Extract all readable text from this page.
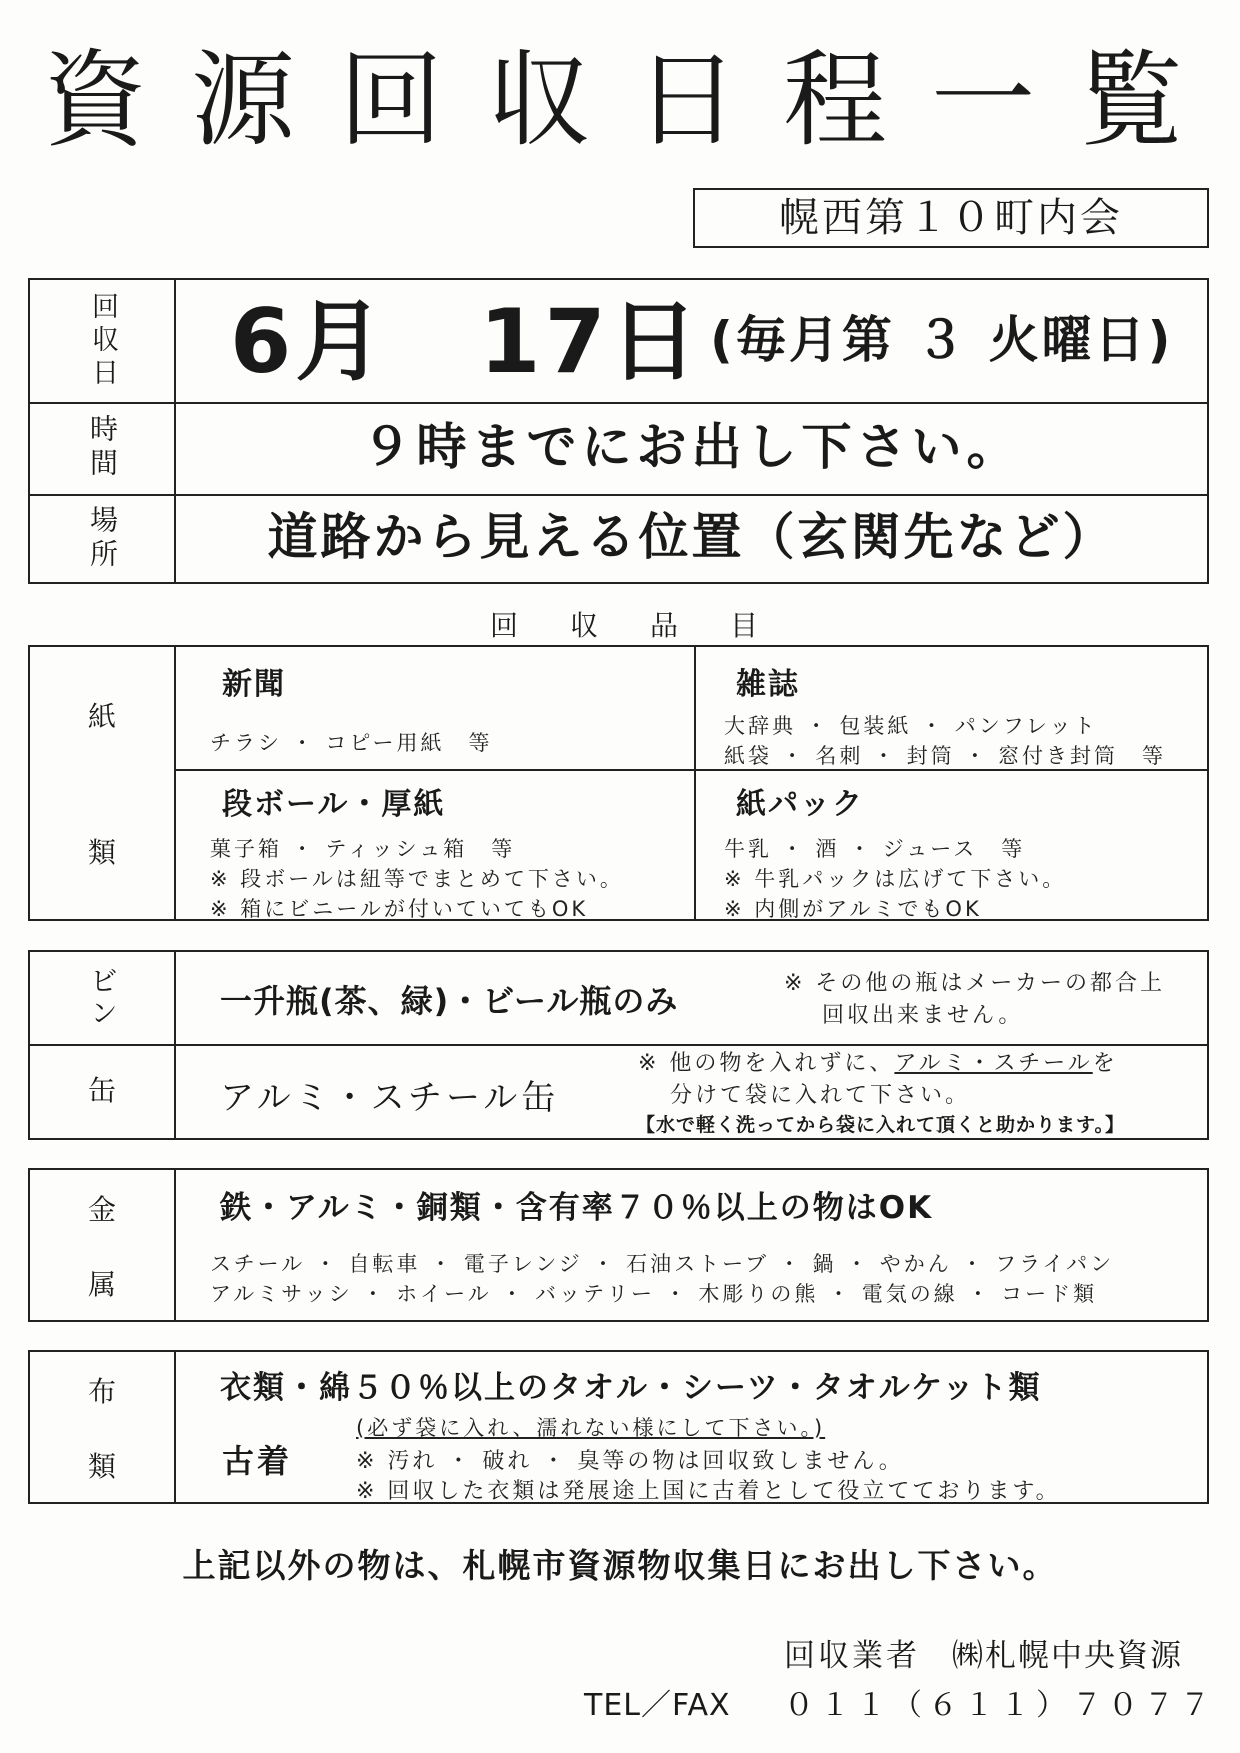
資源回収日程一覧
幌西第１０町内会
回収日
時間
場所
6月　17日 (毎月第 ３ 火曜日)
９時までにお出し下さい。
道路から見える位置（玄関先など）
回　収　品　目
紙
類
新聞
チラシ ・ コピー用紙　等
雑誌
大辞典 ・ 包装紙 ・ パンフレット
紙袋 ・ 名刺 ・ 封筒 ・ 窓付き封筒　等
段ボール・厚紙
菓子箱 ・ ティッシュ箱　等
※ 段ボールは紐等でまとめて下さい。
※ 箱にビニールが付いていてもOK
紙パック
牛乳 ・ 酒 ・ ジュース　等
※ 牛乳パックは広げて下さい。
※ 内側がアルミでもOK
ビン
缶
一升瓶(茶、緑)・ビール瓶のみ	※ その他の瓶はメーカーの都合上
回収出来ません。
アルミ・スチール缶
※ 他の物を入れずに、アルミ・スチールを
分けて袋に入れて下さい。
【水で軽く洗ってから袋に入れて頂くと助かります。】
金
属
鉄・アルミ・銅類・含有率７０％以上の物はOK
スチール ・ 自転車 ・ 電子レンジ ・ 石油ストーブ ・ 鍋 ・ やかん ・ フライパン
アルミサッシ ・ ホイール ・ バッテリー ・ 木彫りの熊 ・ 電気の線 ・ コード類
布
類
衣類・綿５０％以上のタオル・シーツ・タオルケット類
古着
(必ず袋に入れ、濡れない様にして下さい。)
※ 汚れ ・ 破れ ・ 臭等の物は回収致しません。
※ 回収した衣類は発展途上国に古着として役立てております。
上記以外の物は、札幌市資源物収集日にお出し下さい。
回収業者 ㈱札幌中央資源
TEL／FAX ０１１（６１１）７０７７
